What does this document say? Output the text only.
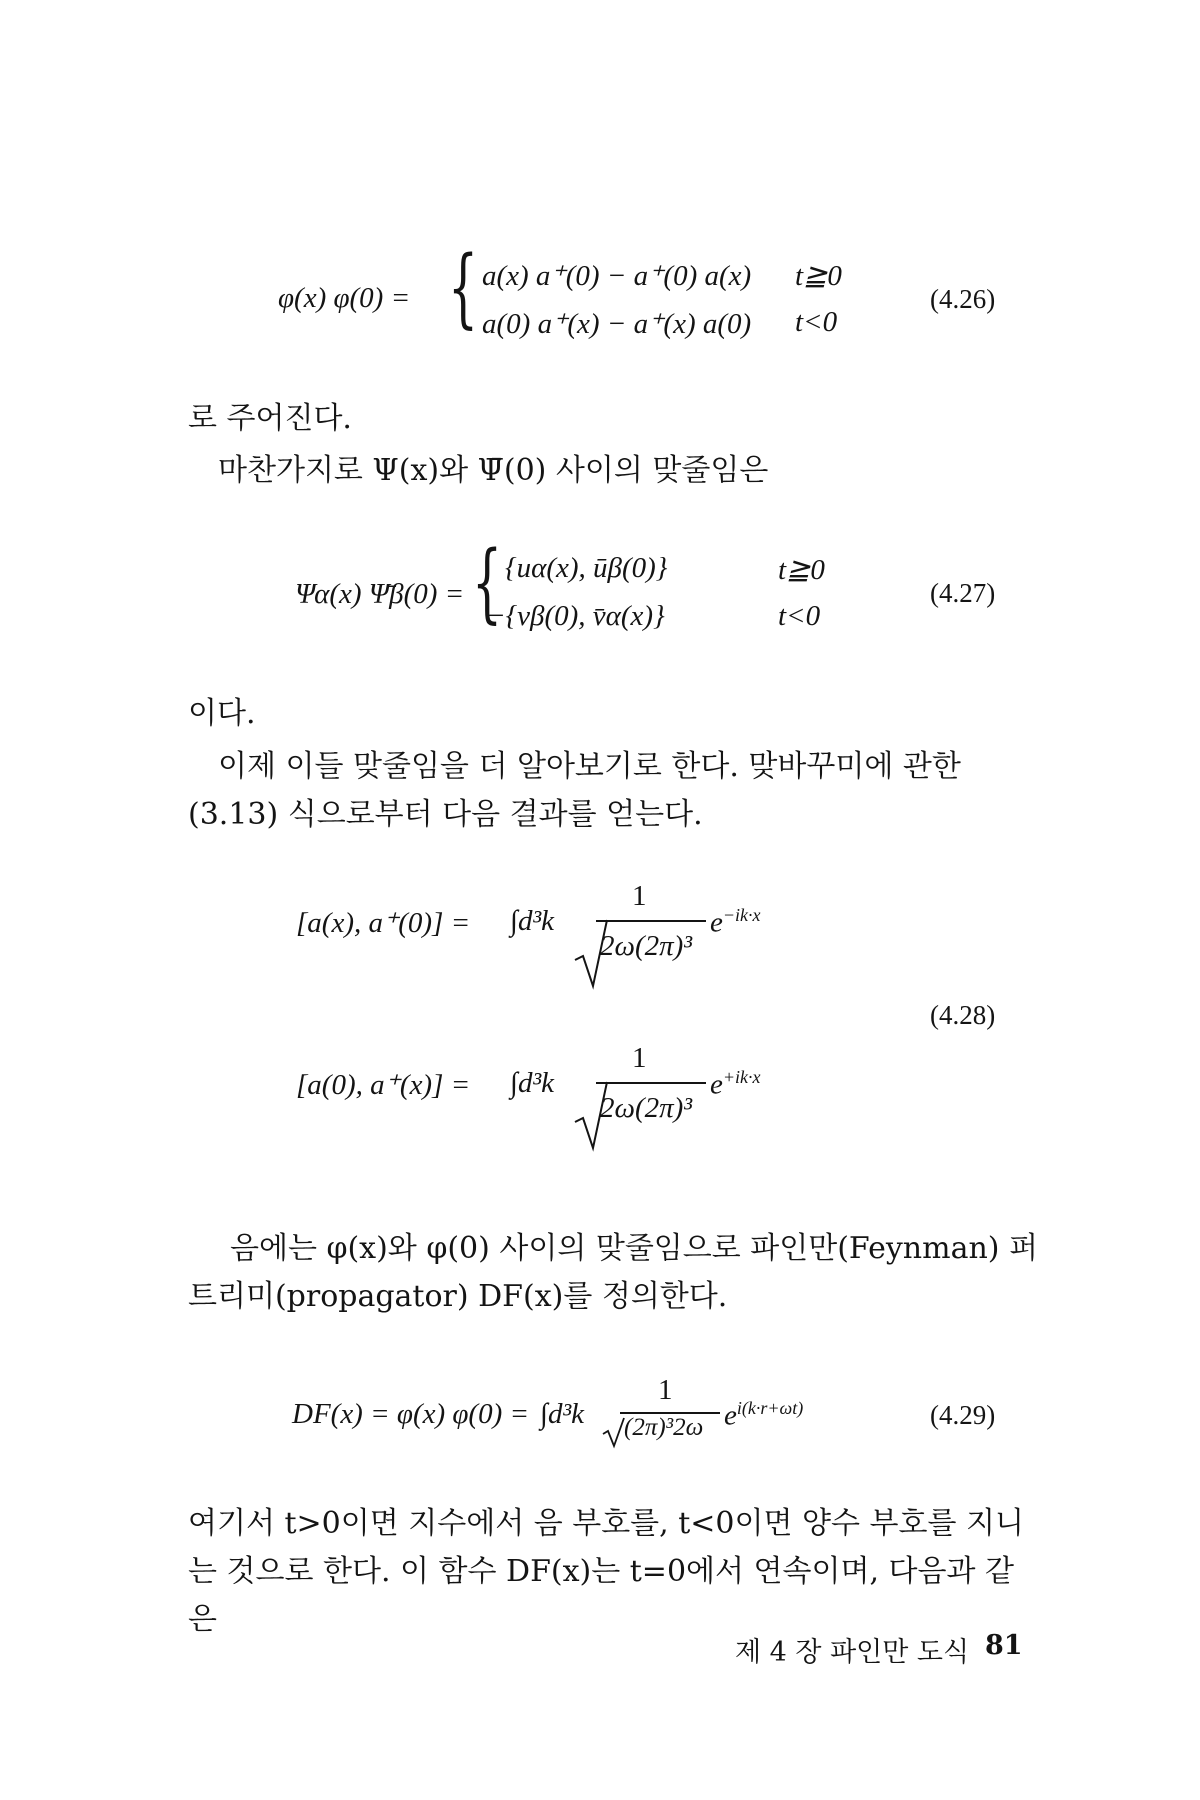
φ(x) φ(0) = { a(x) a⁺(0) − a⁺(0) a(x) t≧0
a(0) a⁺(x) − a⁺(x) a(0) t<0
(4.26)
로 주어진다.
마찬가지로 Ψ(x)와 Ψ̄(0) 사이의 맞줄임은
Ψα(x) Ψ̄β(0) = { {uα(x), ūβ(0)}	t≧0
−{vβ(0), v̄α(x)}	t<0
(4.27)
이다.
이제 이들 맞줄임을 더 알아보기로 한다. 맞바꾸미에 관한 (3.13) 식으로부터 다음 결과를 얻는다.
[a(x), a⁺(0)] = ∫d³k
1
2ω(2π)³
$e^{-ik\cdot x}$
(4.28)
[a(0), a⁺(x)] = ∫d³k
1
2ω(2π)³
$e^{+ik\cdot x}$
음에는 φ(x)와 φ(0) 사이의 맞줄임으로 파인만(Feynman) 퍼트리미(propagator) DF(x)를 정의한다.
DF(x) = φ(x) φ(0) = ∫d³k
1
(2π)³2ω $e^{i(k\cdot r+\omega t)}$	(4.29)
여기서 t>0이면 지수에서 음 부호를, t<0이면 양수 부호를 지니는 것으로 한다. 이 함수 DF(x)는 t=0에서 연속이며, 다음과 같은
제 4 장 파인만 도식 81
